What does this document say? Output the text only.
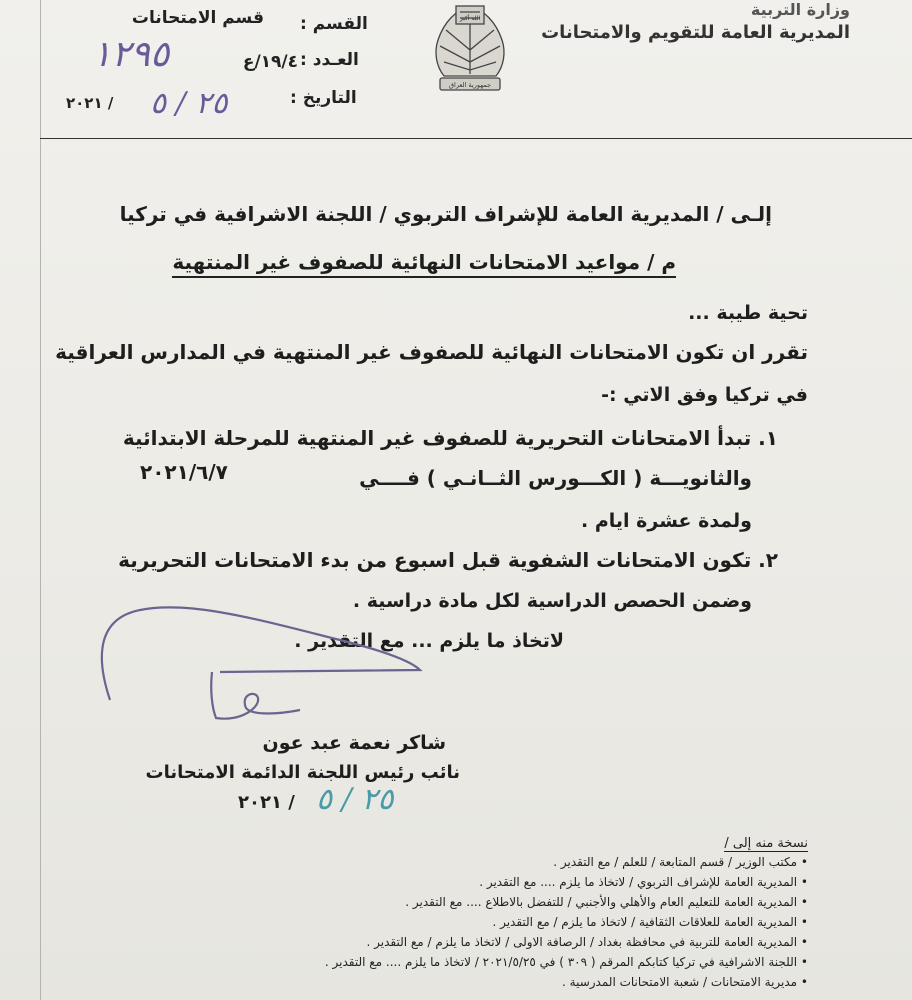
وزارة التربية
المديرية العامة للتقويم والامتحانات
الله أكبر
جمهورية العراق
قسم الامتحانات القسم :
العـدد :
١٩/٤/ع
١٢٩٥
التاريخ :
٢٥ / ٥
٢٠٢١ /
إلـى / المديرية العامة للإشراف التربوي / اللجنة الاشرافية في تركيا
م / مواعيد الامتحانات النهائية للصفوف غير المنتهية
تحية طيبة ...
تقرر ان تكون الامتحانات النهائية للصفوف غير المنتهية في المدارس العراقية
في تركيا وفق الاتي :-
١. تبدأ الامتحانات التحريرية للصفوف غير المنتهية للمرحلة الابتدائية
والثانويـــة ( الكـــورس الثــانـي ) فــــي
٢٠٢١/٦/٧
ولمدة عشرة ايام .
٢. تكون الامتحانات الشفوية قبل اسبوع من بدء الامتحانات التحريرية
وضمن الحصص الدراسية لكل مادة دراسية .
لاتخاذ ما يلزم ... مع التقدير .
شاكر نعمة عبد عون
نائب رئيس اللجنة الدائمة الامتحانات
٢٠٢١ / ٢٥ / ٥
نسخة منه إلى /
• مكتب الوزير / قسم المتابعة / للعلم / مع التقدير .
• المديرية العامة للإشراف التربوي / لاتخاذ ما يلزم .... مع التقدير .
• المديرية العامة للتعليم العام والأهلي والأجنبي / للتفضل بالاطلاع .... مع التقدير .
• المديرية العامة للعلاقات الثقافية / لاتخاذ ما يلزم / مع التقدير .
• المديرية العامة للتربية في محافظة بغداد / الرصافة الاولى / لاتخاذ ما يلزم / مع التقدير .
• اللجنة الاشرافية في تركيا كتابكم المرقم ( ٣٠٩ ) في ٢٠٢١/٥/٢٥ / لاتخاذ ما يلزم .... مع التقدير .
• مديرية الامتحانات / شعبة الامتحانات المدرسية .
